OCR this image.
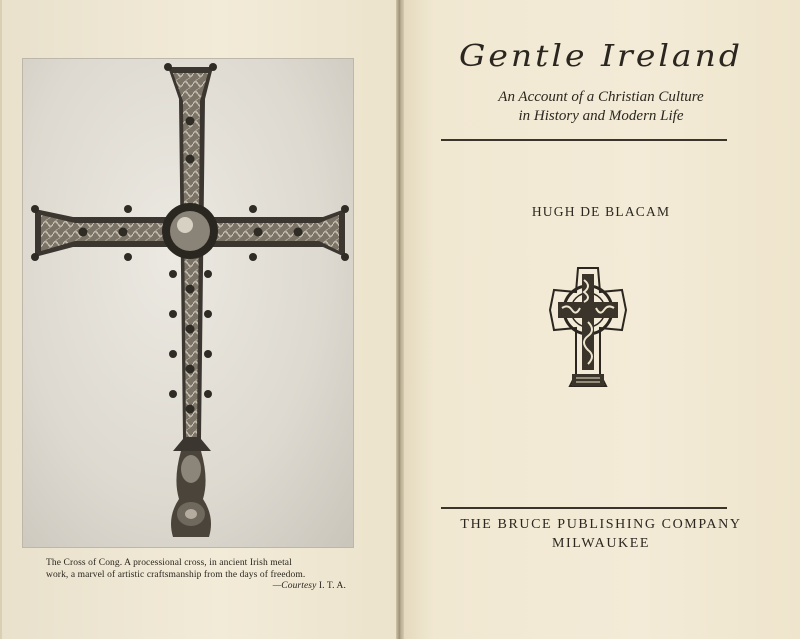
The Cross of Cong. A processional cross, in ancient Irish metal
work, a marvel of artistic craftsmanship from the days of freedom.

—Courtesy I. T. A.
Gentle Ireland
An Account of a Christian Culture
in History and Modern Life
HUGH DE BLACAM
THE BRUCE PUBLISHING COMPANY
MILWAUKEE
